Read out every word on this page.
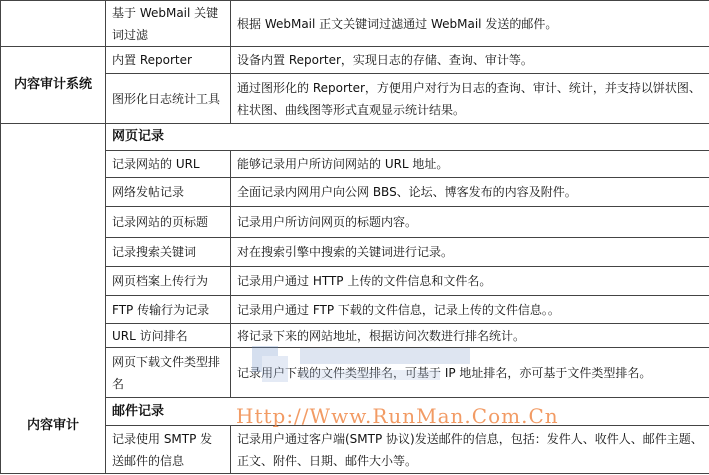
	基于 WebMail 关键词过滤	根据 WebMail 正文关键词过滤通过 WebMail 发送的邮件。
内容审计系统	内置 Reporter	设备内置 Reporter，实现日志的存储、查询、审计等。
	图形化日志统计工具	通过图形化的 Reporter，方便用户对行为日志的查询、审计、统计，并支持以饼状图、柱状图、曲线图等形式直观显示统计结果。
内容审计	网页记录	
	记录网站的 URL	能够记录用户所访问网站的 URL 地址。
	网络发帖记录	全面记录内网用户向公网 BBS、论坛、博客发布的内容及附件。
	记录网站的页标题	记录用户所访问网页的标题内容。
	记录搜索关键词	对在搜索引擎中搜索的关键词进行记录。
	网页档案上传行为	记录用户通过 HTTP 上传的文件信息和文件名。
	FTP 传输行为记录	记录用户通过 FTP 下载的文件信息，记录上传的文件信息。。
	URL 访问排名	将记录下来的网站地址，根据访问次数进行排名统计。
	网页下载文件类型排名	记录用户下载的文件类型排名，可基于 IP 地址排名，亦可基于文件类型排名。
	邮件记录	
	记录使用 SMTP 发送邮件的信息	记录用户通过客户端(SMTP 协议)发送邮件的信息，包括：发件人、收件人、邮件主题、正文、附件、日期、邮件大小等。
Http://Www.RunMan.Com.Cn
